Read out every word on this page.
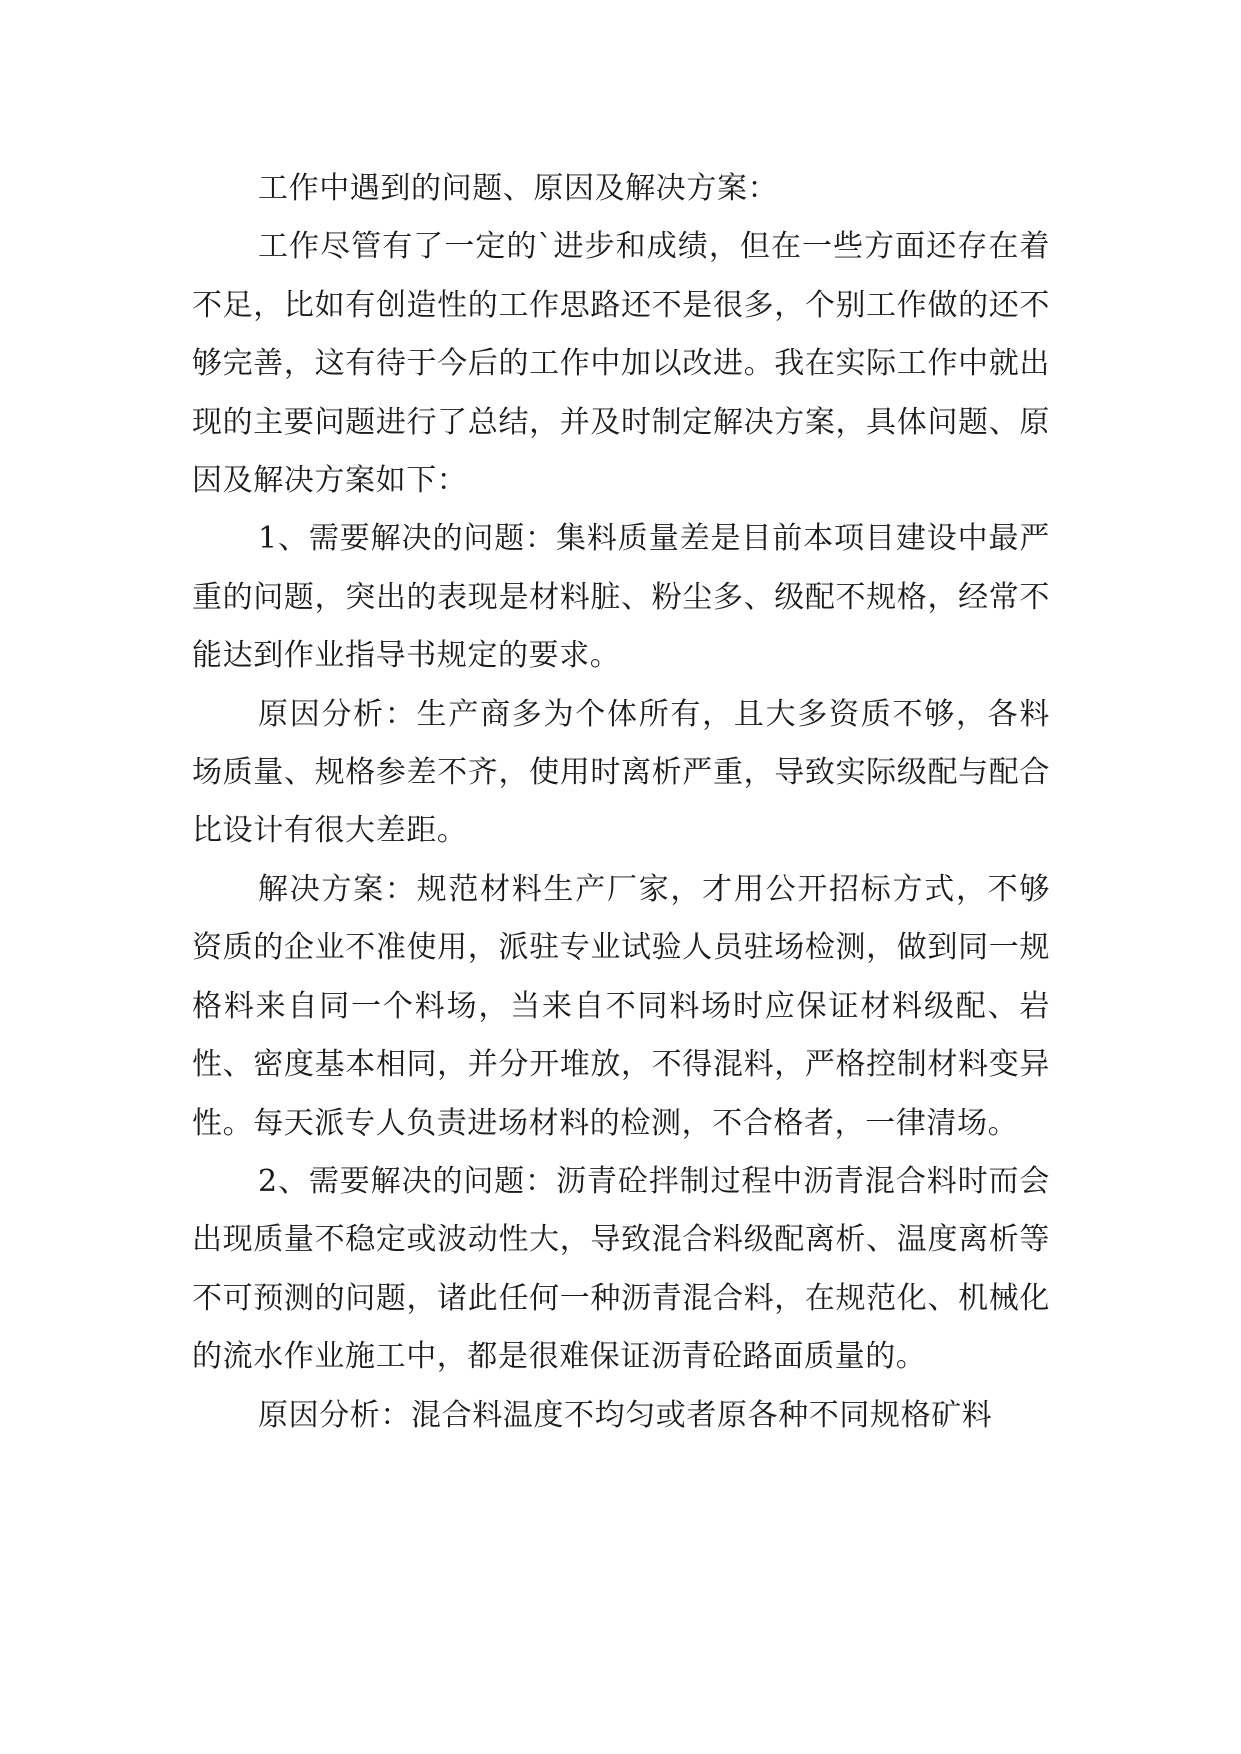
工作中遇到的问题、原因及解决方案：

工作尽管有了一定的`进步和成绩，但在一些方面还存在着不足，比如有创造性的工作思路还不是很多，个别工作做的还不够完善，这有待于今后的工作中加以改进。我在实际工作中就出现的主要问题进行了总结，并及时制定解决方案，具体问题、原因及解决方案如下：

1、需要解决的问题：集料质量差是目前本项目建设中最严重的问题，突出的表现是材料脏、粉尘多、级配不规格，经常不能达到作业指导书规定的要求。

原因分析：生产商多为个体所有，且大多资质不够，各料场质量、规格参差不齐，使用时离析严重，导致实际级配与配合比设计有很大差距。

解决方案：规范材料生产厂家，才用公开招标方式，不够资质的企业不准使用，派驻专业试验人员驻场检测，做到同一规格料来自同一个料场，当来自不同料场时应保证材料级配、岩性、密度基本相同，并分开堆放，不得混料，严格控制材料变异性。每天派专人负责进场材料的检测，不合格者，一律清场。

2、需要解决的问题：沥青砼拌制过程中沥青混合料时而会出现质量不稳定或波动性大，导致混合料级配离析、温度离析等不可预测的问题，诸此任何一种沥青混合料，在规范化、机械化的流水作业施工中，都是很难保证沥青砼路面质量的。

原因分析：混合料温度不均匀或者原各种不同规格矿料
